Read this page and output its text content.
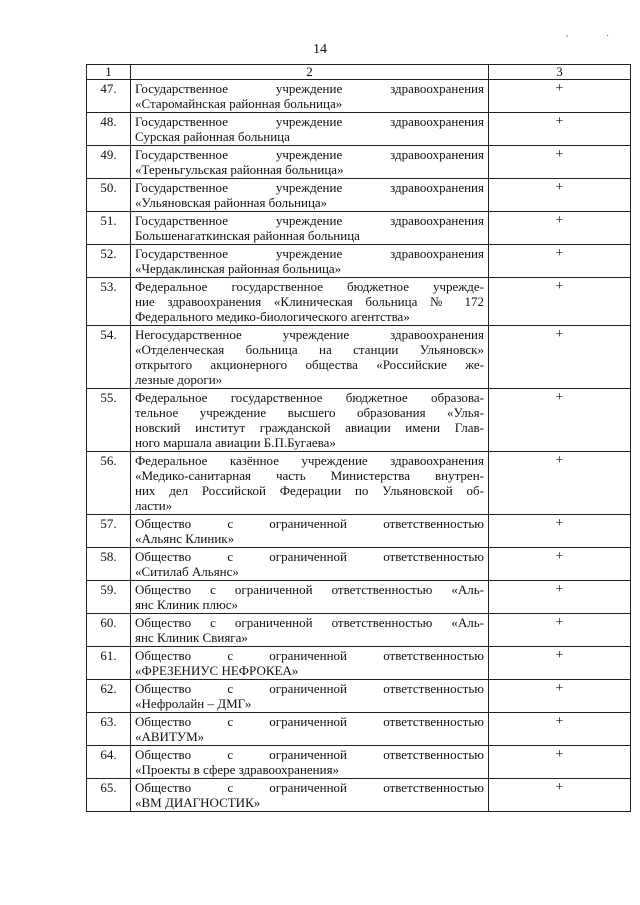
, .
14
1	2	3
47.	Государственное учреждение здравоохранения
«Старомайнская районная больница»	+
48.	Государственное учреждение здравоохранения
Сурская районная больница	+
49.	Государственное учреждение здравоохранения
«Тереньгульская районная больница»	+
50.	Государственное учреждение здравоохранения
«Ульяновская районная больница»	+
51.	Государственное учреждение здравоохранения
Большенагаткинская районная больница	+
52.	Государственное учреждение здравоохранения
«Чердаклинская районная больница»	+
53.	Федеральное государственное бюджетное учрежде-
ние здравоохранения «Клиническая больница № 172
Федерального медико-биологического агентства»	+
54.	Негосударственное учреждение здравоохранения
«Отделенческая больница на станции Ульяновск»
открытого акционерного общества «Российские же-
лезные дороги»	+
55.	Федеральное государственное бюджетное образова-
тельное учреждение высшего образования «Улья-
новский институт гражданской авиации имени Глав-
ного маршала авиации Б.П.Бугаева»	+
56.	Федеральное казённое учреждение здравоохранения
«Медико-санитарная часть Министерства внутрен-
них дел Российской Федерации по Ульяновской об-
ласти»	+
57.	Общество с ограниченной ответственностью
«Альянс Клиник»	+
58.	Общество с ограниченной ответственностью
«Ситилаб Альянс»	+
59.	Общество с ограниченной ответственностью «Аль-
янс Клиник плюс»	+
60.	Общество с ограниченной ответственностью «Аль-
янс Клиник Свияга»	+
61.	Общество с ограниченной ответственностью
«ФРЕЗЕНИУС НЕФРОКЕА»	+
62.	Общество с ограниченной ответственностью
«Нефролайн – ДМГ»	+
63.	Общество с ограниченной ответственностью
«АВИТУМ»	+
64.	Общество с ограниченной ответственностью
«Проекты в сфере здравоохранения»	+
65.	Общество с ограниченной ответственностью
«ВМ ДИАГНОСТИК»	+
